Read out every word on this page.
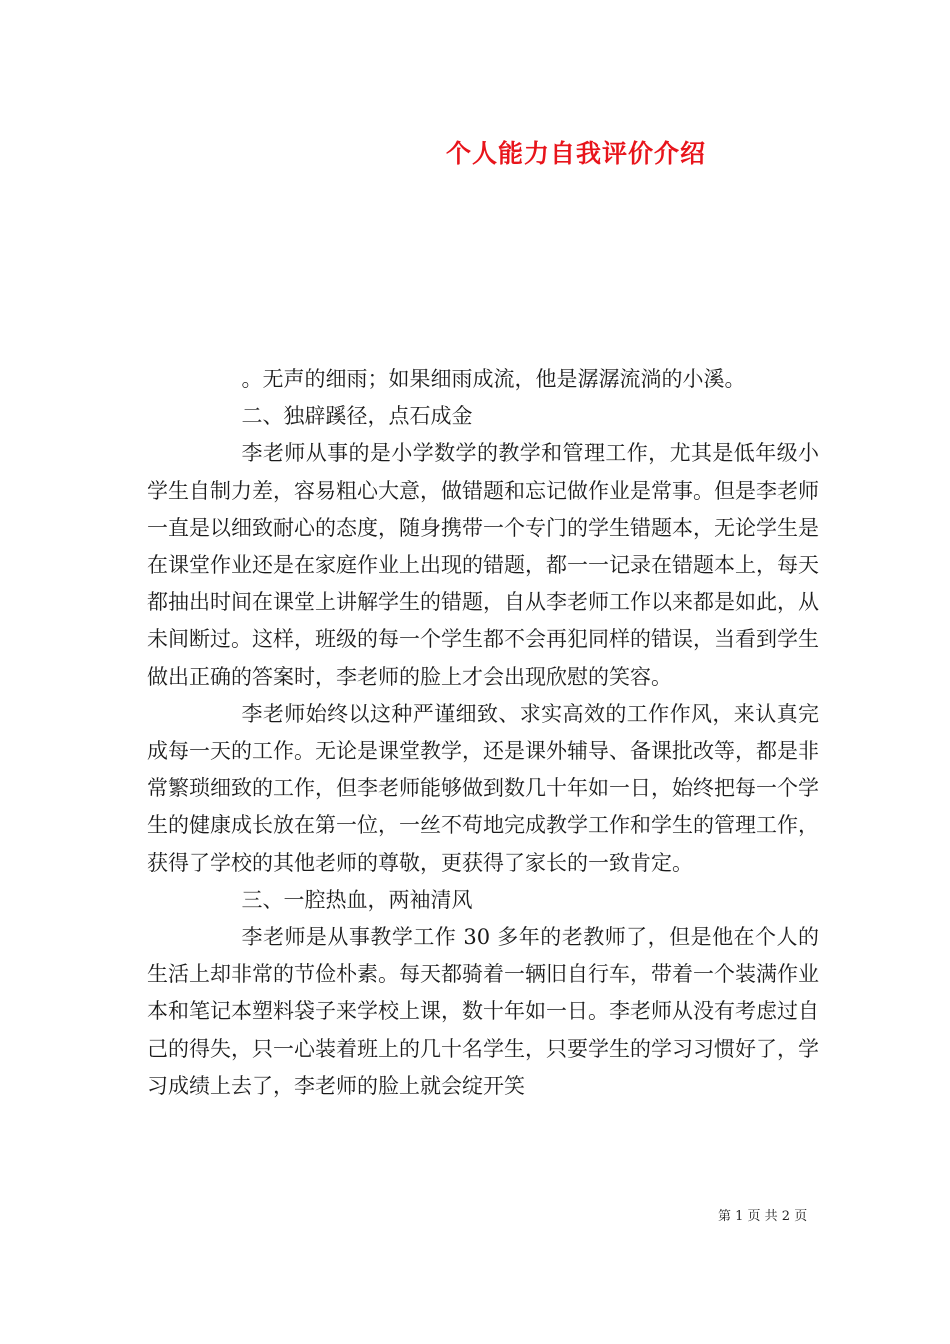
个人能力自我评价介绍

。无声的细雨；如果细雨成流，他是潺潺流淌的小溪。

二、独辟蹊径，点石成金

李老师从事的是小学数学的教学和管理工作，尤其是低年级小学生自制力差，容易粗心大意，做错题和忘记做作业是常事。但是李老师一直是以细致耐心的态度，随身携带一个专门的学生错题本，无论学生是在课堂作业还是在家庭作业上出现的错题，都一一记录在错题本上，每天都抽出时间在课堂上讲解学生的错题，自从李老师工作以来都是如此，从未间断过。这样，班级的每一个学生都不会再犯同样的错误，当看到学生做出正确的答案时，李老师的脸上才会出现欣慰的笑容。

李老师始终以这种严谨细致、求实高效的工作作风，来认真完成每一天的工作。无论是课堂教学，还是课外辅导、备课批改等，都是非常繁琐细致的工作，但李老师能够做到数几十年如一日，始终把每一个学生的健康成长放在第一位，一丝不苟地完成教学工作和学生的管理工作，获得了学校的其他老师的尊敬，更获得了家长的一致肯定。

三、一腔热血，两袖清风

李老师是从事教学工作 30 多年的老教师了，但是他在个人的生活上却非常的节俭朴素。每天都骑着一辆旧自行车，带着一个装满作业本和笔记本塑料袋子来学校上课，数十年如一日。李老师从没有考虑过自己的得失，只一心装着班上的几十名学生，只要学生的学习习惯好了，学习成绩上去了，李老师的脸上就会绽开笑

第 1 页 共 2 页
